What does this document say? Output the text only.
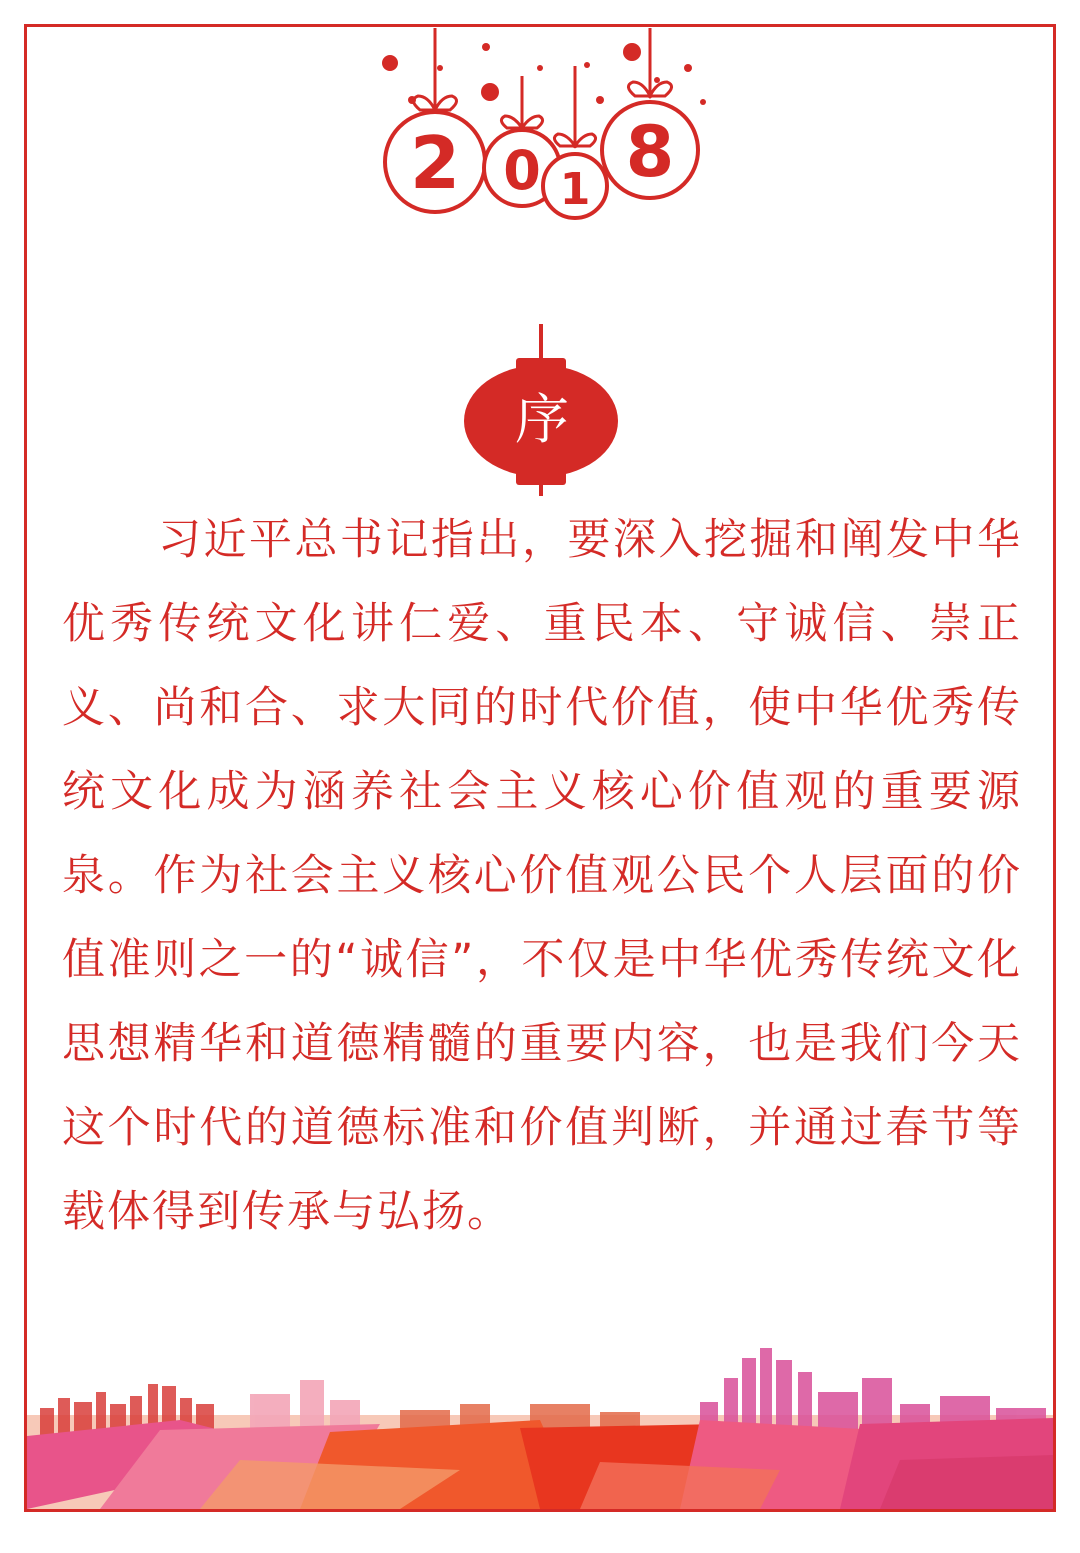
2 0 1 8
序

习近平总书记指出，要深入挖掘和阐发中华优秀传统文化讲仁爱、重民本、守诚信、崇正义、尚和合、求大同的时代价值，使中华优秀传统文化成为涵养社会主义核心价值观的重要源泉。作为社会主义核心价值观公民个人层面的价值准则之一的“诚信”，不仅是中华优秀传统文化思想精华和道德精髓的重要内容，也是我们今天这个时代的道德标准和价值判断，并通过春节等载体得到传承与弘扬。
